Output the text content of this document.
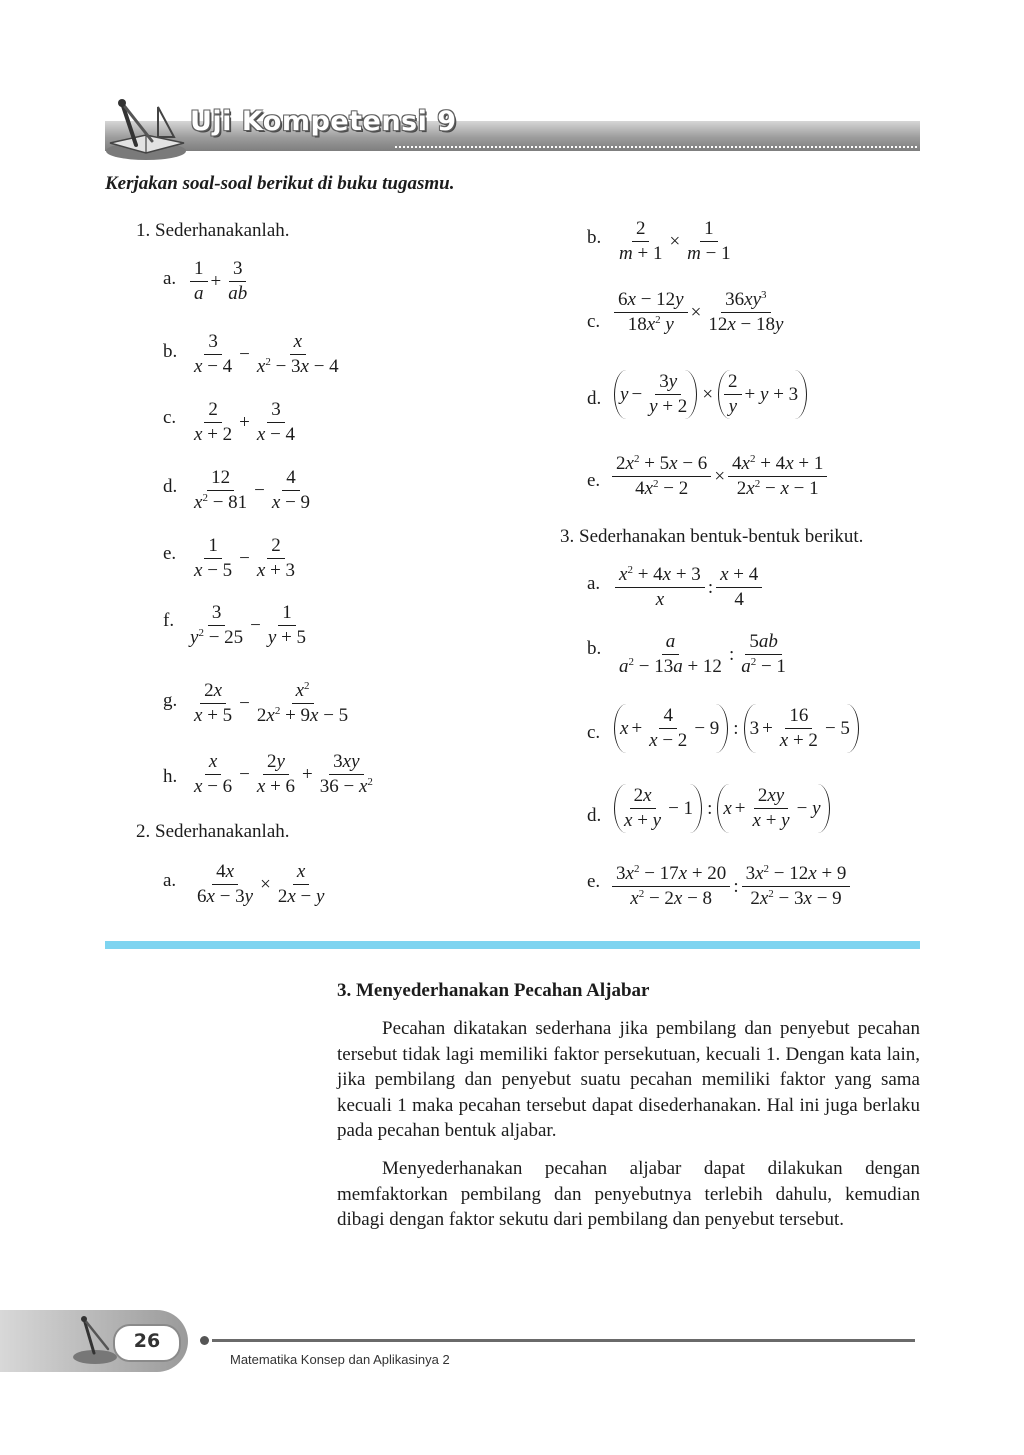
Uji Kompetensi 9
Kerjakan soal-soal berikut di buku tugasmu.
1. Sederhanakanlah.
a. $\frac{1}{a} + \frac{3}{ab}$
b. $\frac{3}{x - 4} - \frac{x}{x^2 - 3x - 4}$
c. $\frac{2}{x + 2} + \frac{3}{x - 4}$
d. $\frac{12}{x^2 - 81} - \frac{4}{x - 9}$
e. $\frac{1}{x - 5} - \frac{2}{x + 3}$
f. $\frac{3}{y^2 - 25} - \frac{1}{y + 5}$
g. $\frac{2x}{x + 5} - \frac{x^2}{2x^2 + 9x - 5}$
h. $\frac{x}{x - 6} - \frac{2y}{x + 6} + \frac{3xy}{36 - x^2}$
2. Sederhanakanlah.
a. $\frac{4x}{6x - 3y} \times \frac{x}{2x - y}$
b. $\frac{2}{m + 1} \times \frac{1}{m - 1}$
c. $\frac{6x - 12y}{18x^2 y} \times \frac{36xy^3}{12x - 18y}$
d. $y - \frac{3y}{y + 2} \times \frac{2}{y} + y + 3$
e. $\frac{2x^2 + 5x - 6}{4x^2 - 2} \times \frac{4x^2 + 4x + 1}{2x^2 - x - 1}$
3. Sederhanakan bentuk-bentuk berikut.
a. $\frac{x^2 + 4x + 3}{x}$ : $\frac{x + 4}{4}$
b. $\frac{a}{a^2 - 13a + 12}$ : $\frac{5ab}{a^2 - 1}$
c. $x + \frac{4}{x - 2} - 9$ : $3 + \frac{16}{x + 2} - 5$
d. $\frac{2x}{x + y} - 1$ : $x + \frac{2xy}{x + y} - y$
e. $\frac{3x^2 - 17x + 20}{x^2 - 2x - 8}$ : $\frac{3x^2 - 12x + 9}{2x^2 - 3x - 9}$
3. Menyederhanakan Pecahan Aljabar
Pecahan dikatakan sederhana jika pembilang dan penyebut pecahan tersebut tidak lagi memiliki faktor persekutuan, kecuali 1. Dengan kata lain, jika pembilang dan penyebut suatu pecahan memiliki faktor yang sama kecuali 1 maka pecahan tersebut dapat disederhanakan. Hal ini juga berlaku pada pecahan bentuk aljabar.
Menyederhanakan pecahan aljabar dapat dilakukan dengan memfaktorkan pembilang dan penyebutnya terlebih dahulu, kemudian dibagi dengan faktor sekutu dari pembilang dan penyebut tersebut.
26
Matematika Konsep dan Aplikasinya 2
